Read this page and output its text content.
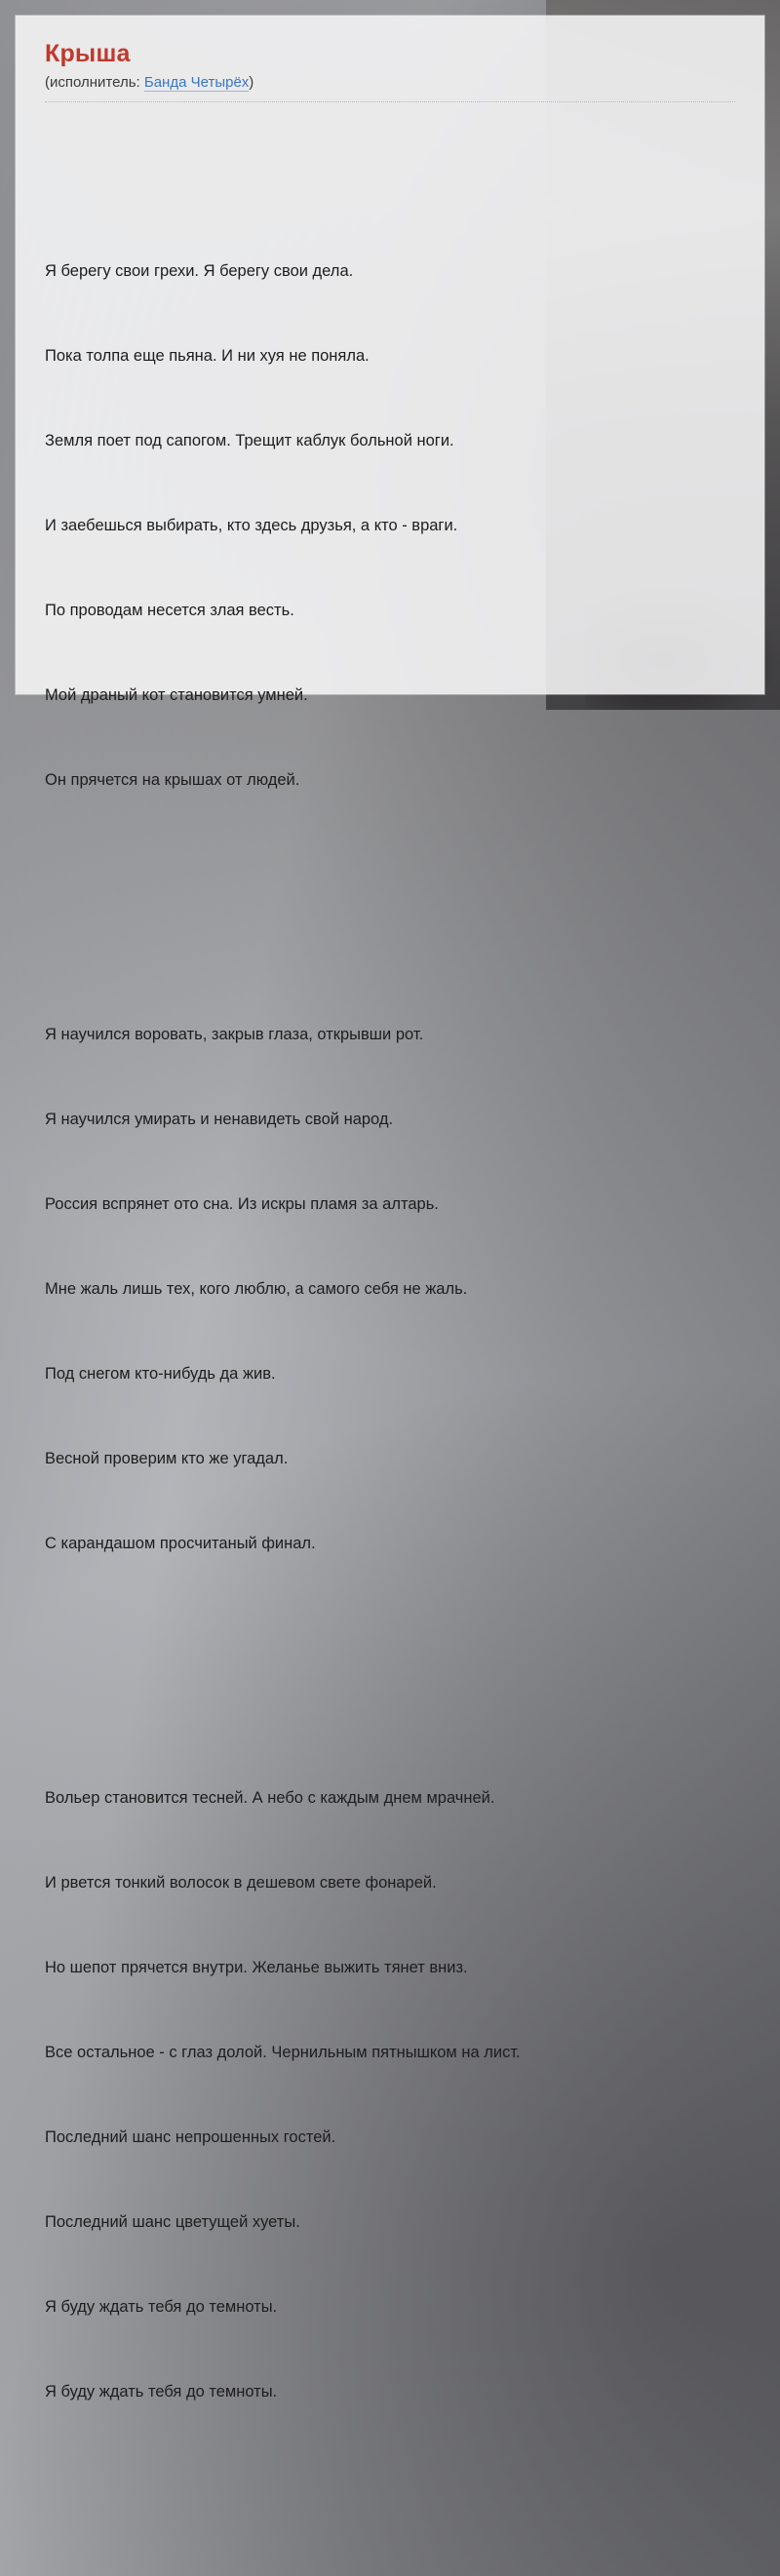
Крыша

(исполнитель: Банда Четырёх)

Я берегу свои грехи. Я берегу свои дела.

Пока толпа еще пьяна. И ни хуя не поняла.

Земля поет под сапогом. Трещит каблук больной ноги.

И заебешься выбирать, кто здесь друзья, а кто - враги.

По проводам несется злая весть.

Мой драный кот становится умней.

Он прячется на крышах от людей.

Я научился воровать, закрыв глаза, открывши рот.

Я научился умирать и ненавидеть свой народ.

Россия вспрянет ото сна. Из искры пламя за алтарь.

Мне жаль лишь тех, кого люблю, а самого себя не жаль.

Под снегом кто-нибудь да жив.

Весной проверим кто же угадал.

С карандашом просчитаный финал.

Вольер становится тесней. А небо с каждым днем мрачней.

И рвется тонкий волосок в дешевом свете фонарей.

Но шепот прячется внутри. Желанье выжить тянет вниз.

Все остальное - с глаз долой. Чернильным пятнышком на лист.

Последний шанс непрошенных гостей.

Последний шанс цветущей хуеты.

Я буду ждать тебя до темноты.

Я буду ждать тебя до темноты.
